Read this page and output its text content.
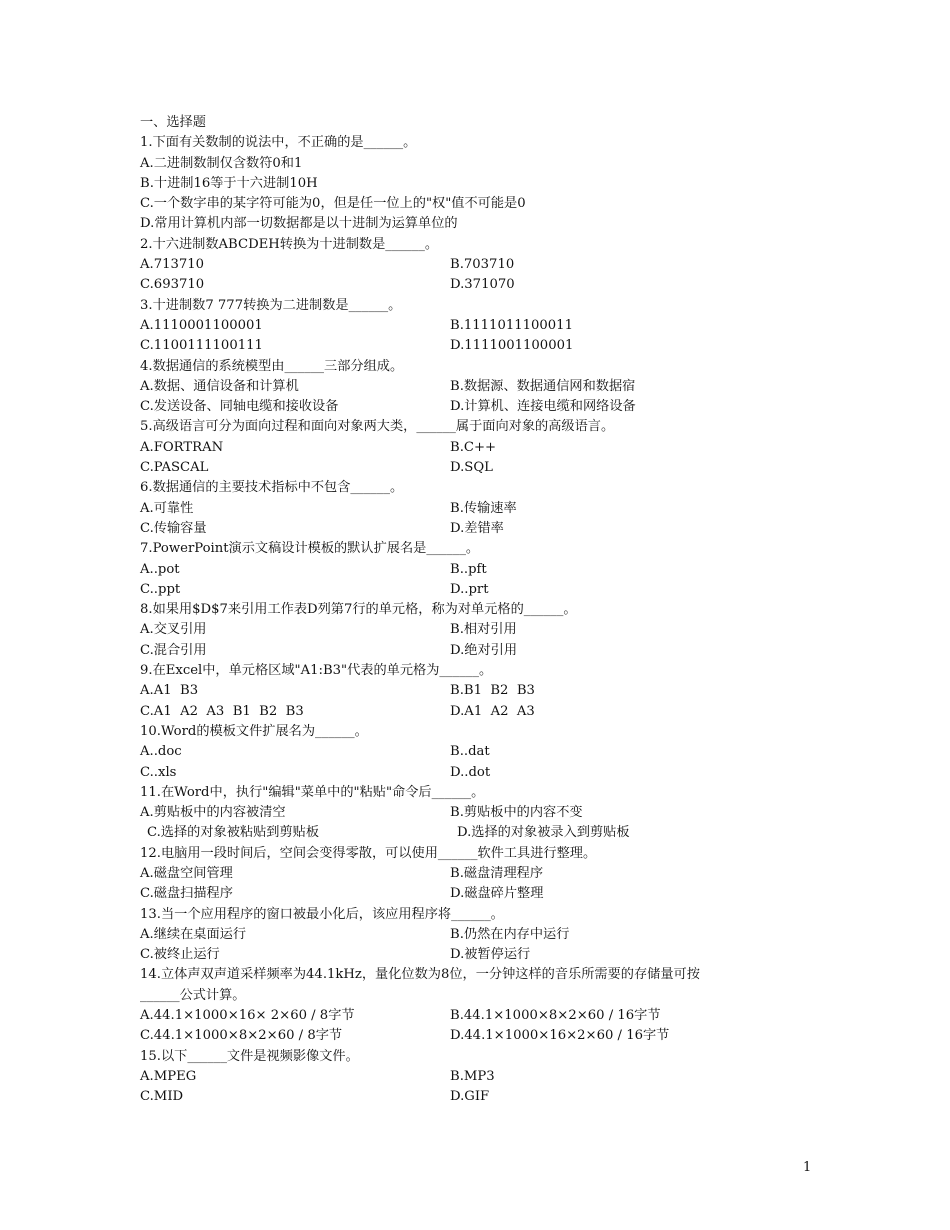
一、选择题
1.下面有关数制的说法中，不正确的是______。
A.二进制数制仅含数符0和1
B.十进制16等于十六进制10H
C.一个数字串的某字符可能为0，但是任一位上的"权"值不可能是0
D.常用计算机内部一切数据都是以十进制为运算单位的
2.十六进制数ABCDEH转换为十进制数是______。
A.713710	B.703710
C.693710	D.371070
3.十进制数7 777转换为二进制数是______。
A.1110001100001	B.1111011100011
C.1100111100111	D.1111001100001
4.数据通信的系统模型由______三部分组成。
A.数据、通信设备和计算机	B.数据源、数据通信网和数据宿
C.发送设备、同轴电缆和接收设备	D.计算机、连接电缆和网络设备
5.高级语言可分为面向过程和面向对象两大类，______属于面向对象的高级语言。
A.FORTRAN	B.C++
C.PASCAL	D.SQL
6.数据通信的主要技术指标中不包含______。
A.可靠性	B.传输速率
C.传输容量	D.差错率
7.PowerPoint演示文稿设计模板的默认扩展名是______。
A..pot	B..pft
C..ppt	D..prt
8.如果用$D$7来引用工作表D列第7行的单元格，称为对单元格的______。
A.交叉引用	B.相对引用
C.混合引用	D.绝对引用
9.在Excel中，单元格区域"A1:B3"代表的单元格为______。
A.A1  B3	B.B1  B2  B3
C.A1  A2  A3  B1  B2  B3	D.A1  A2  A3
10.Word的模板文件扩展名为______。
A..doc	B..dat
C..xls	D..dot
11.在Word中，执行"编辑"菜单中的"粘贴"命令后______。
A.剪贴板中的内容被清空	B.剪贴板中的内容不变
C.选择的对象被粘贴到剪贴板	D.选择的对象被录入到剪贴板
12.电脑用一段时间后，空间会变得零散，可以使用______软件工具进行整理。
A.磁盘空间管理	B.磁盘清理程序
C.磁盘扫描程序	D.磁盘碎片整理
13.当一个应用程序的窗口被最小化后，该应用程序将______。
A.继续在桌面运行	B.仍然在内存中运行
C.被终止运行	D.被暂停运行
14.立体声双声道采样频率为44.1kHz，量化位数为8位，一分钟这样的音乐所需要的存储量可按
______公式计算。
A.44.1×1000×16× 2×60 / 8字节	B.44.1×1000×8×2×60 / 16字节
C.44.1×1000×8×2×60 / 8字节	D.44.1×1000×16×2×60 / 16字节
15.以下______文件是视频影像文件。
A.MPEG	B.MP3
C.MID	D.GIF
1
